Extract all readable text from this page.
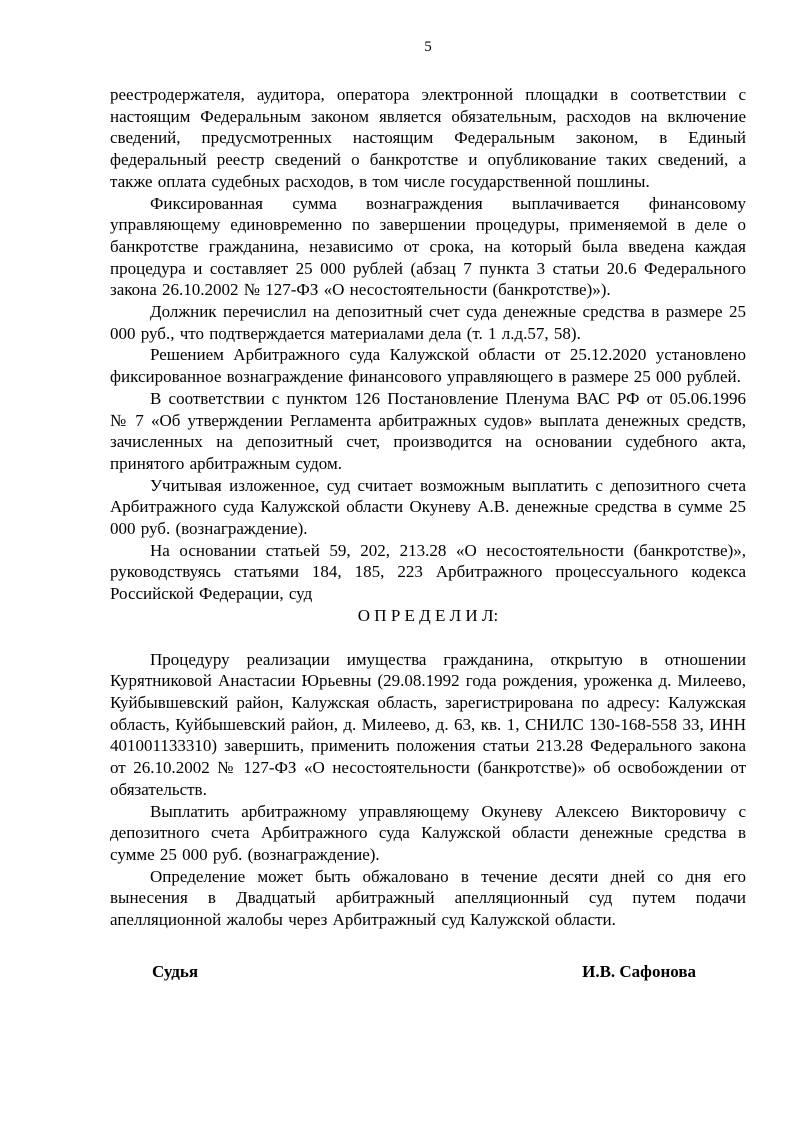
5

реестродержателя, аудитора, оператора электронной площадки в соответствии с настоящим Федеральным законом является обязательным, расходов на включение сведений, предусмотренных настоящим Федеральным законом, в Единый федеральный реестр сведений о банкротстве и опубликование таких сведений, а также оплата судебных расходов, в том числе государственной пошлины.

Фиксированная сумма вознаграждения выплачивается финансовому управляющему единовременно по завершении процедуры, применяемой в деле о банкротстве гражданина, независимо от срока, на который была введена каждая процедура и составляет 25 000 рублей (абзац 7 пункта 3 статьи 20.6 Федерального закона 26.10.2002 № 127-ФЗ «О несостоятельности (банкротстве)»).

Должник перечислил на депозитный счет суда денежные средства в размере 25 000 руб., что подтверждается материалами дела (т. 1 л.д.57, 58).

Решением Арбитражного суда Калужской области от 25.12.2020 установлено фиксированное вознаграждение финансового управляющего в размере 25 000 рублей.

В соответствии с пунктом 126 Постановление Пленума ВАС РФ от 05.06.1996 № 7 «Об утверждении Регламента арбитражных судов» выплата денежных средств, зачисленных на депозитный счет, производится на основании судебного акта, принятого арбитражным судом.

Учитывая изложенное, суд считает возможным выплатить с депозитного счета Арбитражного суда Калужской области Окуневу А.В. денежные средства в сумме 25 000 руб. (вознаграждение).

На основании статьей 59, 202, 213.28 «О несостоятельности (банкротстве)», руководствуясь статьями 184, 185, 223 Арбитражного процессуального кодекса Российской Федерации, суд

О П Р Е Д Е Л И Л:

Процедуру реализации имущества гражданина, открытую в отношении Курятниковой Анастасии Юрьевны (29.08.1992 года рождения, уроженка д. Милеево, Куйбывшевский район, Калужская область, зарегистрирована по адресу: Калужская область, Куйбышевский район, д. Милеево, д. 63, кв. 1, СНИЛС 130-168-558 33, ИНН 401001133310) завершить, применить положения статьи 213.28 Федерального закона от 26.10.2002 № 127-ФЗ «О несостоятельности (банкротстве)» об освобождении от обязательств.

Выплатить арбитражному управляющему Окуневу Алексею Викторовичу с депозитного счета Арбитражного суда Калужской области денежные средства в сумме 25 000 руб. (вознаграждение).

Определение может быть обжаловано в течение десяти дней со дня его вынесения в Двадцатый арбитражный апелляционный суд путем подачи апелляционной жалобы через Арбитражный суд Калужской области.

Судья	И.В. Сафонова
